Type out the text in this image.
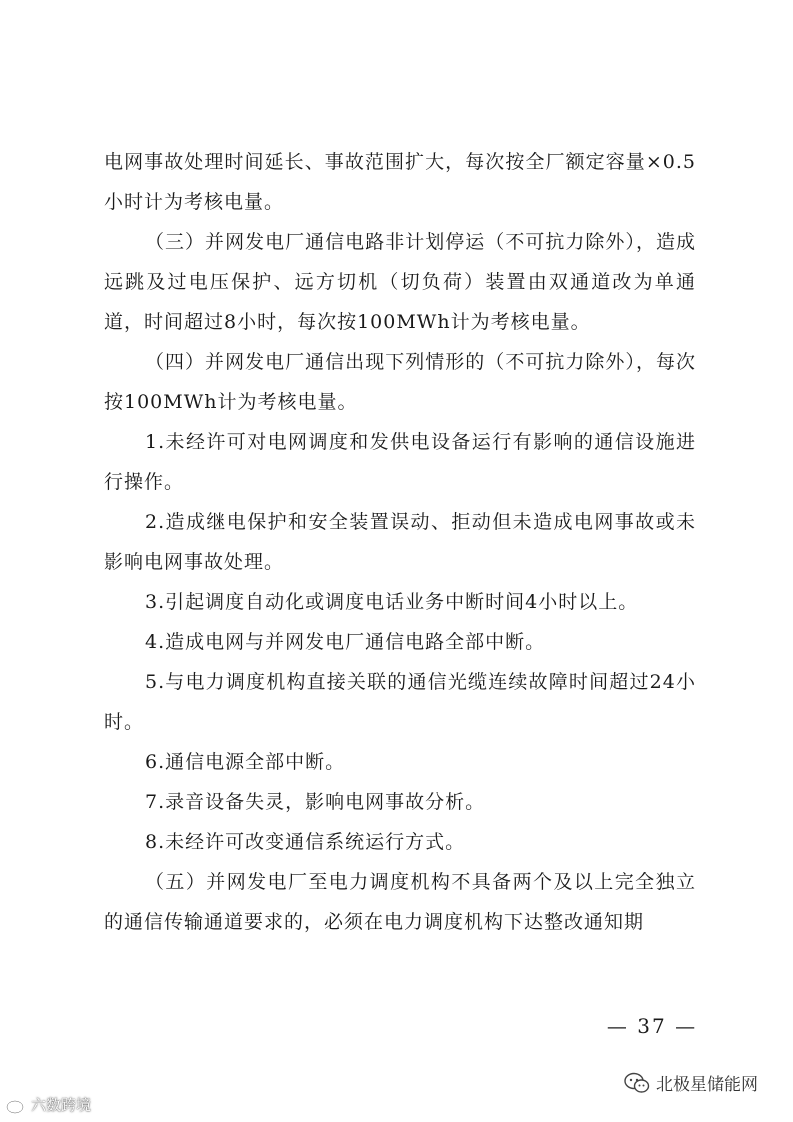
电网事故处理时间延长、事故范围扩大，每次按全厂额定容量×0.5小时计为考核电量。

（三）并网发电厂通信电路非计划停运（不可抗力除外），造成远跳及过电压保护、远方切机（切负荷）装置由双通道改为单通道，时间超过8小时，每次按100MWh计为考核电量。

（四）并网发电厂通信出现下列情形的（不可抗力除外），每次按100MWh计为考核电量。

1.未经许可对电网调度和发供电设备运行有影响的通信设施进行操作。

2.造成继电保护和安全装置误动、拒动但未造成电网事故或未影响电网事故处理。

3.引起调度自动化或调度电话业务中断时间4小时以上。

4.造成电网与并网发电厂通信电路全部中断。

5.与电力调度机构直接关联的通信光缆连续故障时间超过24小时。

6.通信电源全部中断。

7.录音设备失灵，影响电网事故分析。

8.未经许可改变通信系统运行方式。

（五）并网发电厂至电力调度机构不具备两个及以上完全独立的通信传输通道要求的，必须在电力调度机构下达整改通知期

— 37 —
北极星储能网
六数跨境
